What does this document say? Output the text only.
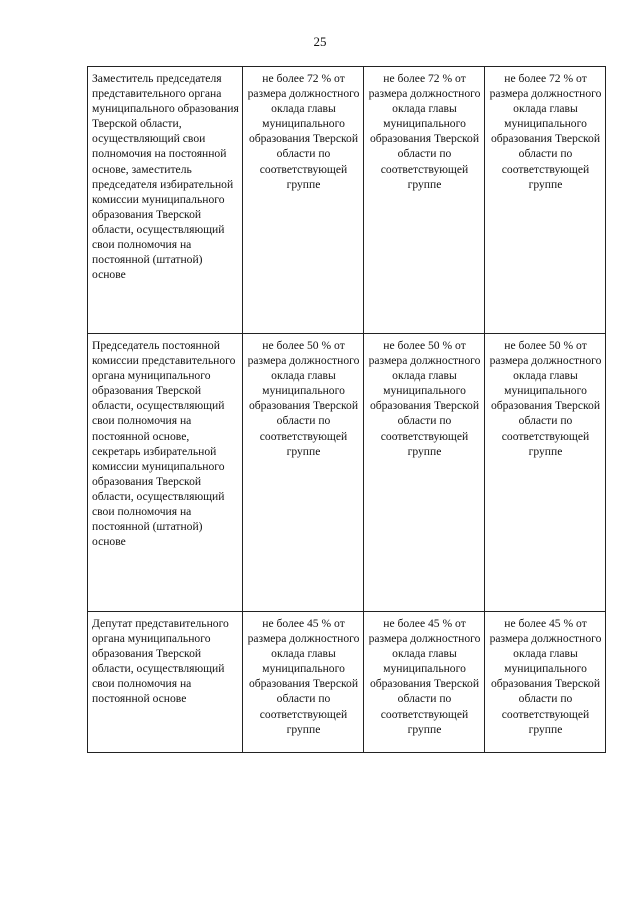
25
Заместитель председателя представительного органа муниципального образования Тверской области, осуществляющий свои полномочия на постоянной основе, заместитель председателя избирательной комиссии муниципального образования Тверской области, осуществляющий свои полномочия на постоянной (штатной) основе	не более 72 % от размера должностного оклада главы муниципального образования Тверской области по соответствующей группе	не более 72 % от размера должностного оклада главы муниципального образования Тверской области по соответствующей группе	не более 72 % от размера должностного оклада главы муниципального образования Тверской области по соответствующей группе
Председатель постоянной комиссии представительного органа муниципального образования Тверской области, осуществляющий свои полномочия на постоянной основе, секретарь избирательной комиссии муниципального образования Тверской области, осуществляющий свои полномочия на постоянной (штатной) основе	не более 50 % от размера должностного оклада главы муниципального образования Тверской области по соответствующей группе	не более 50 % от размера должностного оклада главы муниципального образования Тверской области по соответствующей группе	не более 50 % от размера должностного оклада главы муниципального образования Тверской области по соответствующей группе
Депутат представительного органа муниципального образования Тверской области, осуществляющий свои полномочия на постоянной основе	не более 45 % от размера должностного оклада главы муниципального образования Тверской области по соответствующей группе	не более 45 % от размера должностного оклада главы муниципального образования Тверской области по соответствующей группе	не более 45 % от размера должностного оклада главы муниципального образования Тверской области по соответствующей группе
